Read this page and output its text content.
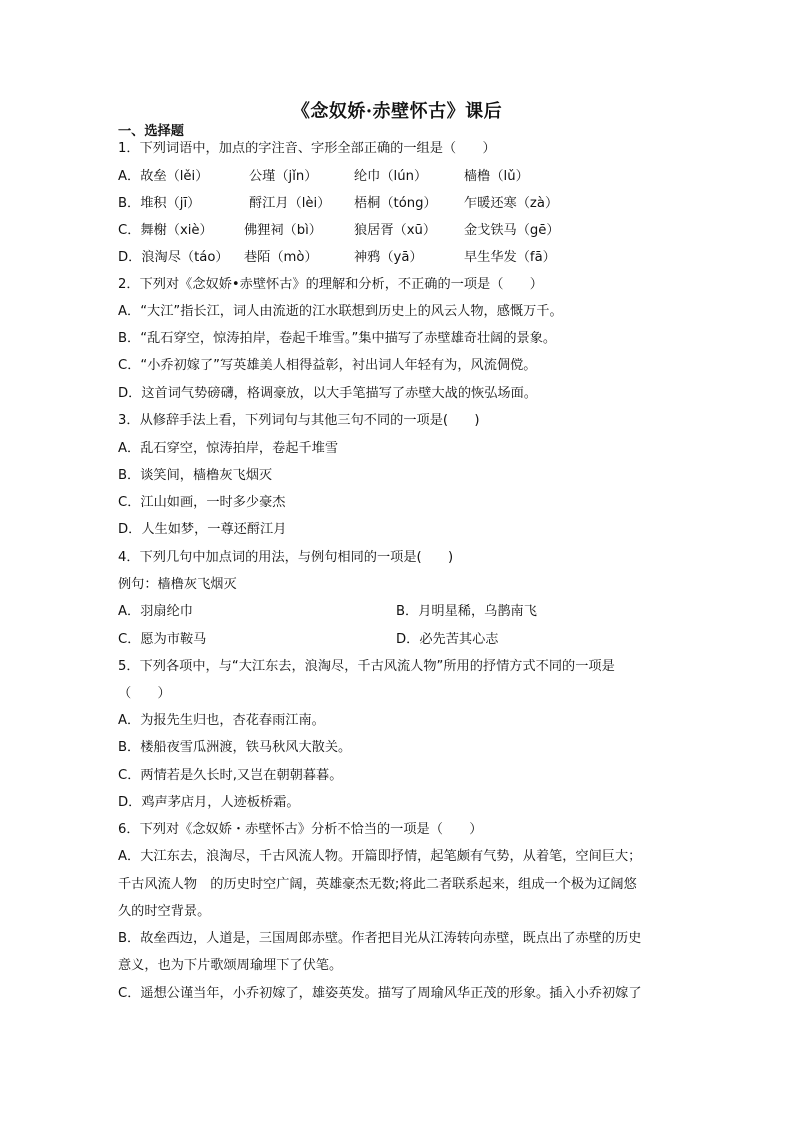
《念奴娇·赤壁怀古》课后
一、选择题
1．下列词语中，加点的字注音、字形全部正确的一组是（　　）
A．故垒（lěi）	公瑾（jǐn）	纶巾（lún）	樯橹（lǔ）
B．堆积（jī）	酹江月（lèi） 梧桐（tóng） 乍暖还寒（zà）
C．舞榭（xiè） 佛狸祠（bì） 狼居胥（xū） 金戈铁马（gē）
D．浪淘尽（táo） 巷陌（mò）	神鸦（yā）	早生华发（fā）
2．下列对《念奴娇•赤壁怀古》的理解和分析，不正确的一项是（　　）
A．“大江”指长江，词人由流逝的江水联想到历史上的风云人物，感慨万千。
B．“乱石穿空，惊涛拍岸，卷起千堆雪。”集中描写了赤壁雄奇壮阔的景象。
C．“小乔初嫁了”写英雄美人相得益彰，衬出词人年轻有为，风流倜傥。
D．这首词气势磅礴，格调豪放，以大手笔描写了赤壁大战的恢弘场面。
3．从修辞手法上看，下列词句与其他三句不同的一项是(　　)
A．乱石穿空，惊涛拍岸，卷起千堆雪
B．谈笑间，樯橹灰飞烟灭
C．江山如画，一时多少豪杰
D．人生如梦，一尊还酹江月
4．下列几句中加点词的用法，与例句相同的一项是(　　)
例句：樯橹灰飞烟灭
A．羽扇纶巾	B．月明星稀，乌鹊南飞
C．愿为市鞍马	D．必先苦其心志
5．下列各项中，与“大江东去，浪淘尽，千古风流人物”所用的抒情方式不同的一项是
（　　）
A．为报先生归也，杏花春雨江南。
B．楼船夜雪瓜洲渡，铁马秋风大散关。
C．两情若是久长时,又岂在朝朝暮暮。
D．鸡声茅店月，人迹板桥霜。
6．下列对《念奴娇・赤壁怀古》分析不恰当的一项是（　　）
A．大江东去，浪淘尽，千古风流人物。开篇即抒情，起笔颇有气势，从着笔，空间巨大；
千古风流人物　的历史时空广阔，英雄豪杰无数;将此二者联系起来，组成一个极为辽阔悠
久的时空背景。
B．故垒西边，人道是，三国周郎赤壁。作者把目光从江涛转向赤壁，既点出了赤壁的历史
意义，也为下片歌颂周瑜埋下了伏笔。
C．遥想公谨当年，小乔初嫁了，雄姿英发。描写了周瑜风华正茂的形象。插入小乔初嫁了
